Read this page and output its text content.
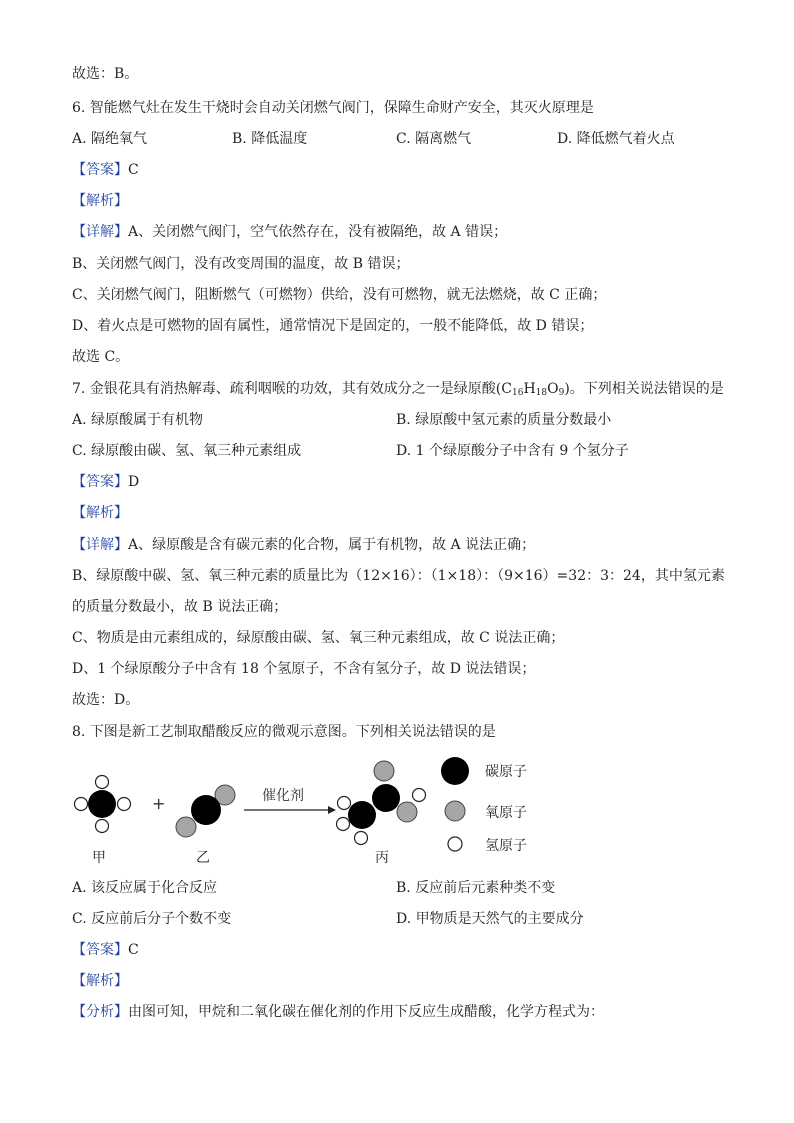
故选：B。
6. 智能燃气灶在发生干烧时会自动关闭燃气阀门，保障生命财产安全，其灭火原理是
A. 隔绝氧气	B. 降低温度	C. 隔离燃气	D. 降低燃气着火点
【答案】C
【解析】
【详解】A、关闭燃气阀门，空气依然存在，没有被隔绝，故 A 错误；
B、关闭燃气阀门，没有改变周围的温度，故 B 错误；
C、关闭燃气阀门，阻断燃气（可燃物）供给，没有可燃物，就无法燃烧，故 C 正确；
D、着火点是可燃物的固有属性，通常情况下是固定的，一般不能降低，故 D 错误；
故选 C。
7. 金银花具有消热解毒、疏利咽喉的功效，其有效成分之一是绿原酸$(C_{16}H_{18}O_9)$。下列相关说法错误的是
A. 绿原酸属于有机物	B. 绿原酸中氢元素的质量分数最小
C. 绿原酸由碳、氢、氧三种元素组成	D. 1 个绿原酸分子中含有 9 个氢分子
【答案】D
【解析】
【详解】A、绿原酸是含有碳元素的化合物，属于有机物，故 A 说法正确；
B、绿原酸中碳、氢、氧三种元素的质量比为（12×16）：（1×18）：（9×16）=32：3：24，其中氢元素
的质量分数最小，故 B 说法正确；
C、物质是由元素组成的，绿原酸由碳、氢、氧三种元素组成，故 C 说法正确；
D、1 个绿原酸分子中含有 18 个氢原子，不含有氢分子，故 D 说法错误；
故选：D。
8. 下图是新工艺制取醋酸反应的微观示意图。下列相关说法错误的是
+	催化剂
碳原子
氧原子
氢原子
甲	乙	丙
A. 该反应属于化合反应	B. 反应前后元素种类不变
C. 反应前后分子个数不变	D. 甲物质是天然气的主要成分
【答案】C
【解析】
【分析】由图可知，甲烷和二氧化碳在催化剂的作用下反应生成醋酸，化学方程式为：
